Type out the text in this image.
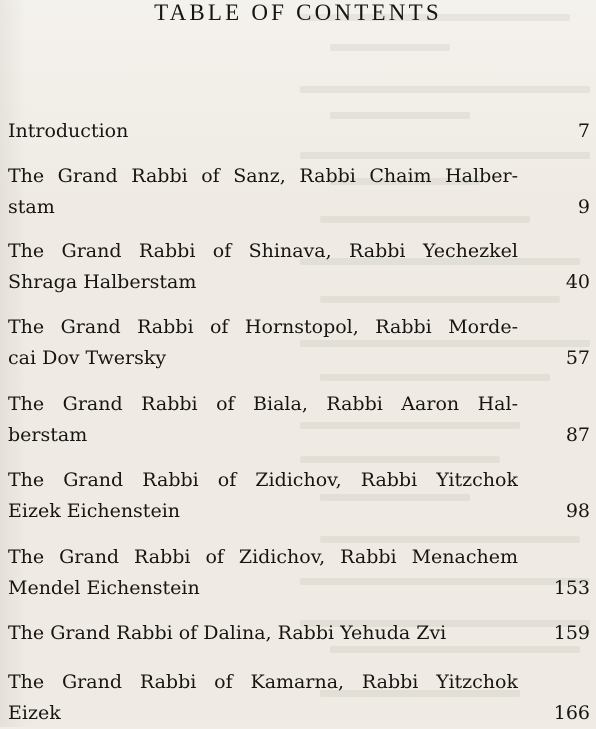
TABLE OF CONTENTS
Introduction	7
The Grand Rabbi of Sanz, Rabbi Chaim Halber-
stam	9
The Grand Rabbi of Shinava, Rabbi Yechezkel
Shraga Halberstam	40
The Grand Rabbi of Hornstopol, Rabbi Morde-
cai Dov Twersky	57
The Grand Rabbi of Biala, Rabbi Aaron Hal-
berstam	87
The Grand Rabbi of Zidichov, Rabbi Yitzchok
Eizek Eichenstein	98
The Grand Rabbi of Zidichov, Rabbi Menachem
Mendel Eichenstein	153
The Grand Rabbi of Dalina, Rabbi Yehuda Zvi	159
The Grand Rabbi of Kamarna, Rabbi Yitzchok
Eizek	166
